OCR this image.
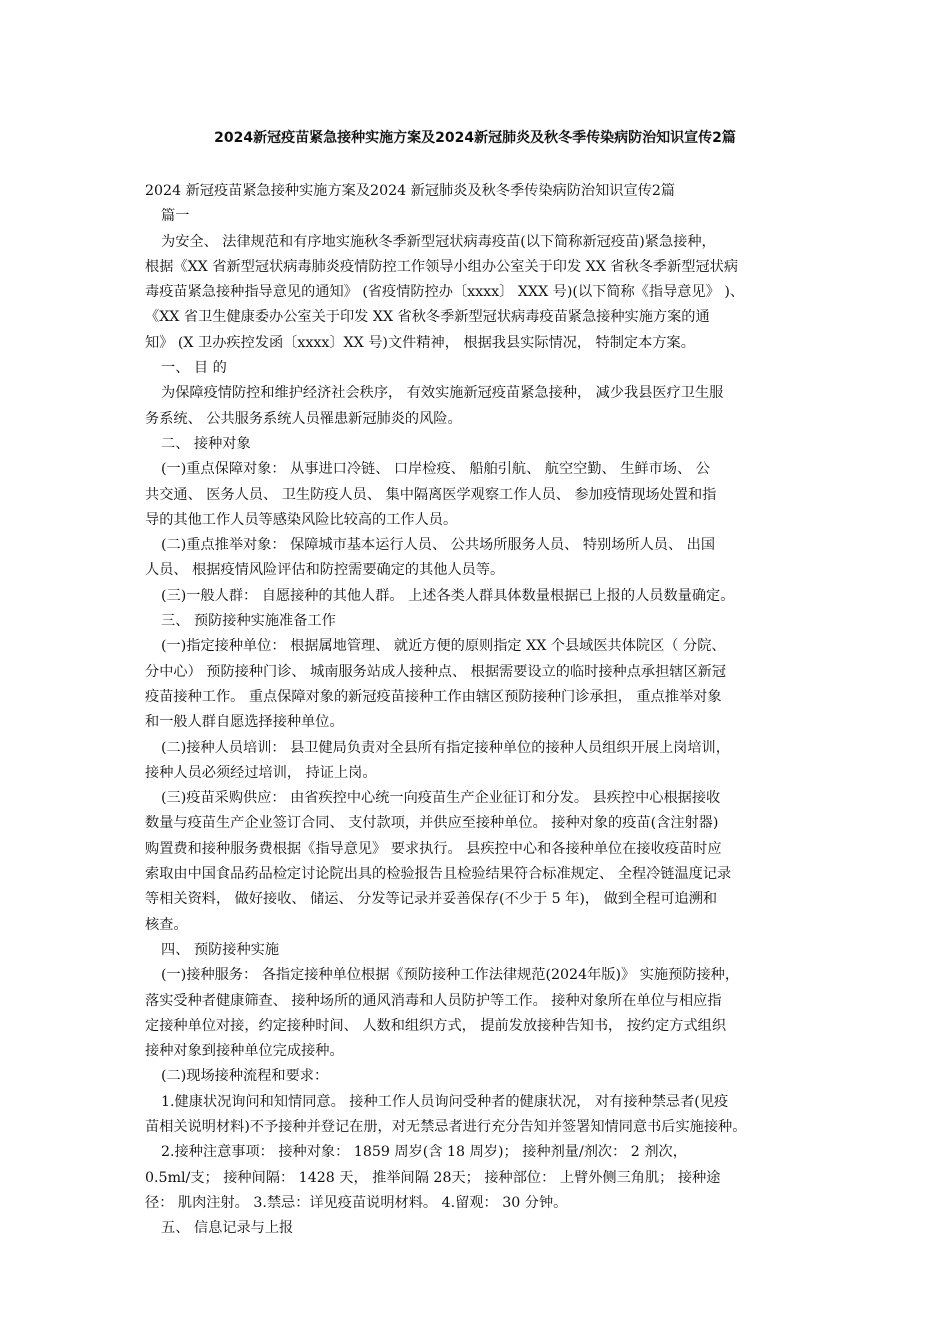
2024新冠疫苗紧急接种实施方案及2024新冠肺炎及秋冬季传染病防治知识宣传2篇
2024 新冠疫苗紧急接种实施方案及2024 新冠肺炎及秋冬季传染病防治知识宣传2篇
篇一
为安全、 法律规范和有序地实施秋冬季新型冠状病毒疫苗(以下简称新冠疫苗)紧急接种，
根据《XX 省新型冠状病毒肺炎疫情防控工作领导小组办公室关于印发 XX 省秋冬季新型冠状病
毒疫苗紧急接种指导意见的通知》 (省疫情防控办〔xxxx〕 XXX 号)(以下简称《指导意见》 )、
《XX 省卫生健康委办公室关于印发 XX 省秋冬季新型冠状病毒疫苗紧急接种实施方案的通
知》 (X 卫办疾控发函〔xxxx〕XX 号)文件精神， 根据我县实际情况， 特制定本方案。
一、 目 的
为保障疫情防控和维护经济社会秩序， 有效实施新冠疫苗紧急接种， 减少我县医疗卫生服
务系统、 公共服务系统人员罹患新冠肺炎的风险。
二、 接种对象
(一)重点保障对象： 从事进口冷链、 口岸检疫、 船舶引航、 航空空勤、 生鲜市场、 公
共交通、 医务人员、 卫生防疫人员、 集中隔离医学观察工作人员、 参加疫情现场处置和指
导的其他工作人员等感染风险比较高的工作人员。
(二)重点推举对象： 保障城市基本运行人员、 公共场所服务人员、 特别场所人员、 出国
人员、 根据疫情风险评估和防控需要确定的其他人员等。
(三)一般人群： 自愿接种的其他人群。 上述各类人群具体数量根据已上报的人员数量确定。
三、 预防接种实施准备工作
(一)指定接种单位： 根据属地管理、 就近方便的原则指定 XX 个县域医共体院区（ 分院、
分中心） 预防接种门诊、 城南服务站成人接种点、 根据需要设立的临时接种点承担辖区新冠
疫苗接种工作。 重点保障对象的新冠疫苗接种工作由辖区预防接种门诊承担， 重点推举对象
和一般人群自愿选择接种单位。
(二)接种人员培训： 县卫健局负责对全县所有指定接种单位的接种人员组织开展上岗培训，
接种人员必须经过培训， 持证上岗。
(三)疫苗采购供应： 由省疾控中心统一向疫苗生产企业征订和分发。 县疾控中心根据接收
数量与疫苗生产企业签订合同、 支付款项，并供应至接种单位。 接种对象的疫苗(含注射器)
购置费和接种服务费根据《指导意见》 要求执行。 县疾控中心和各接种单位在接收疫苗时应
索取由中国食品药品检定讨论院出具的检验报告且检验结果符合标准规定、 全程冷链温度记录
等相关资料， 做好接收、 储运、 分发等记录并妥善保存(不少于 5 年)， 做到全程可追溯和
核查。
四、 预防接种实施
(一)接种服务： 各指定接种单位根据《预防接种工作法律规范(2024年版)》 实施预防接种，
落实受种者健康筛查、 接种场所的通风消毒和人员防护等工作。 接种对象所在单位与相应指
定接种单位对接，约定接种时间、 人数和组织方式， 提前发放接种告知书， 按约定方式组织
接种对象到接种单位完成接种。
(二)现场接种流程和要求：
1.健康状况询问和知情同意。 接种工作人员询问受种者的健康状况， 对有接种禁忌者(见疫
苗相关说明材料)不予接种并登记在册，对无禁忌者进行充分告知并签署知情同意书后实施接种。
2.接种注意事项： 接种对象： 1859 周岁(含 18 周岁)； 接种剂量/剂次： 2 剂次，
0.5ml/支； 接种间隔： 1428 天， 推举间隔 28天； 接种部位： 上臂外侧三角肌； 接种途
径： 肌肉注射。 3.禁忌：详见疫苗说明材料。 4.留观： 30 分钟。
五、 信息记录与上报
